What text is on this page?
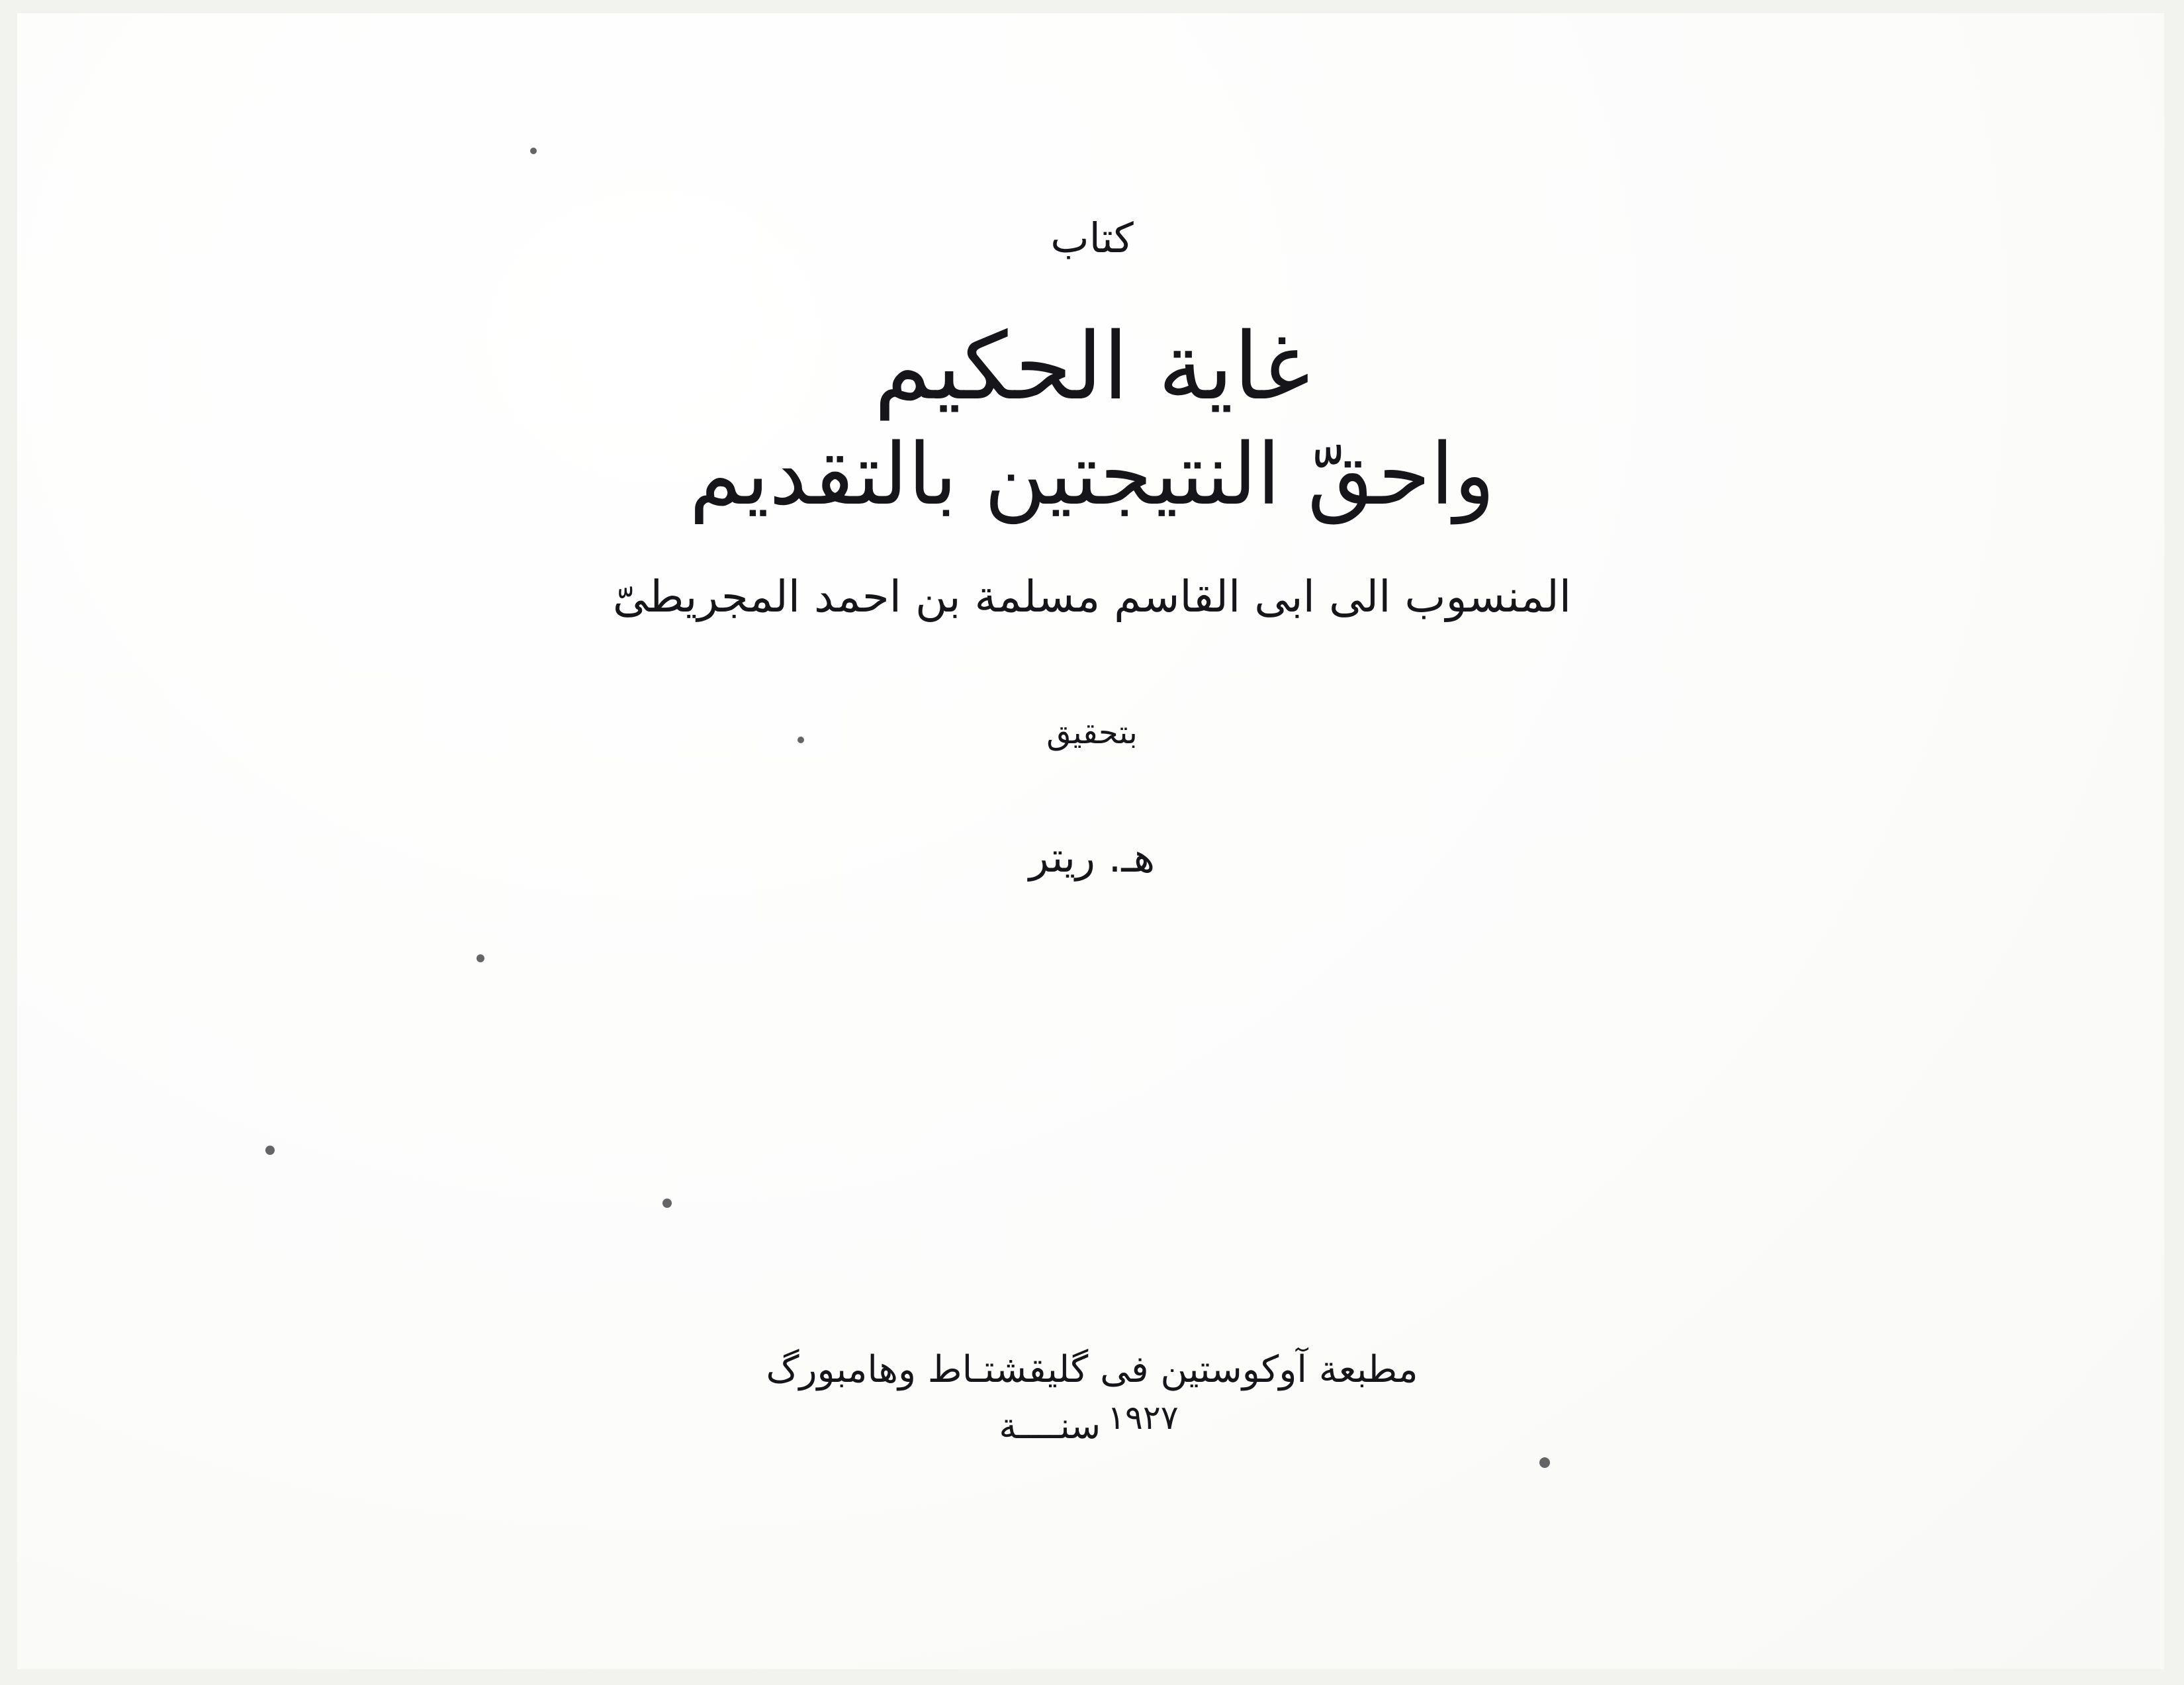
كتاب
غاية الحكيم
واحقّ النتيجتين بالتقديم
المنسوب الى ابى القاسم مسلمة بن احمد المجريطىّ
بتحقيق
هـ. ريتر
مطبعة آوكوستين فى گليقشتـاط وهامبورگ
١٩٢٧سنــــة
